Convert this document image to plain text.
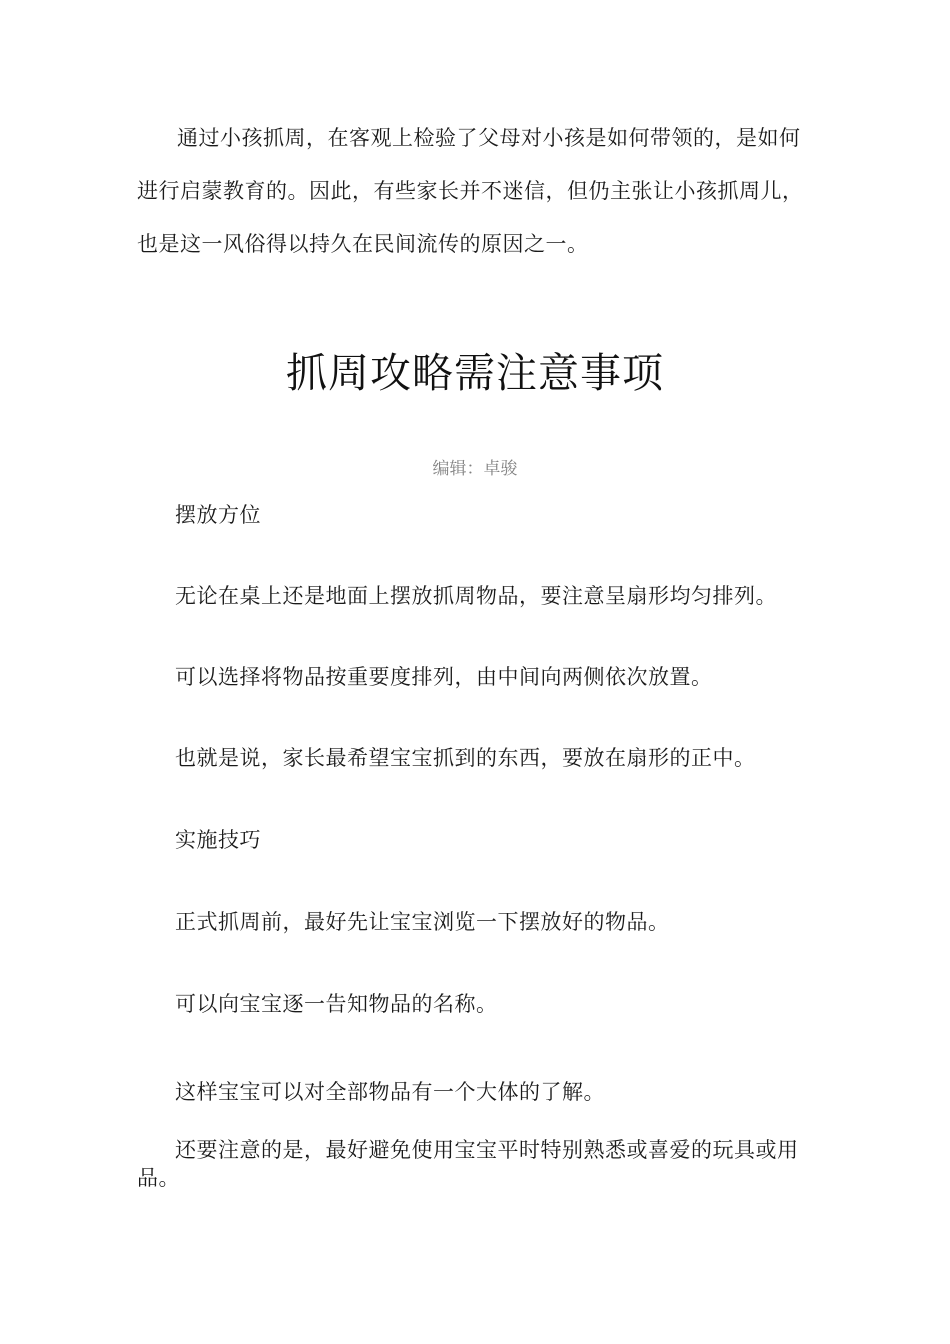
通过小孩抓周，在客观上检验了父母对小孩是如何带领的，是如何进行启蒙教育的。因此，有些家长并不迷信，但仍主张让小孩抓周儿，也是这一风俗得以持久在民间流传的原因之一。

抓周攻略需注意事项

编辑：卓骏

摆放方位

无论在桌上还是地面上摆放抓周物品，要注意呈扇形均匀排列。

可以选择将物品按重要度排列，由中间向两侧依次放置。

也就是说，家长最希望宝宝抓到的东西，要放在扇形的正中。

实施技巧

正式抓周前，最好先让宝宝浏览一下摆放好的物品。

可以向宝宝逐一告知物品的名称。

这样宝宝可以对全部物品有一个大体的了解。

还要注意的是，最好避免使用宝宝平时特别熟悉或喜爱的玩具或用品。
